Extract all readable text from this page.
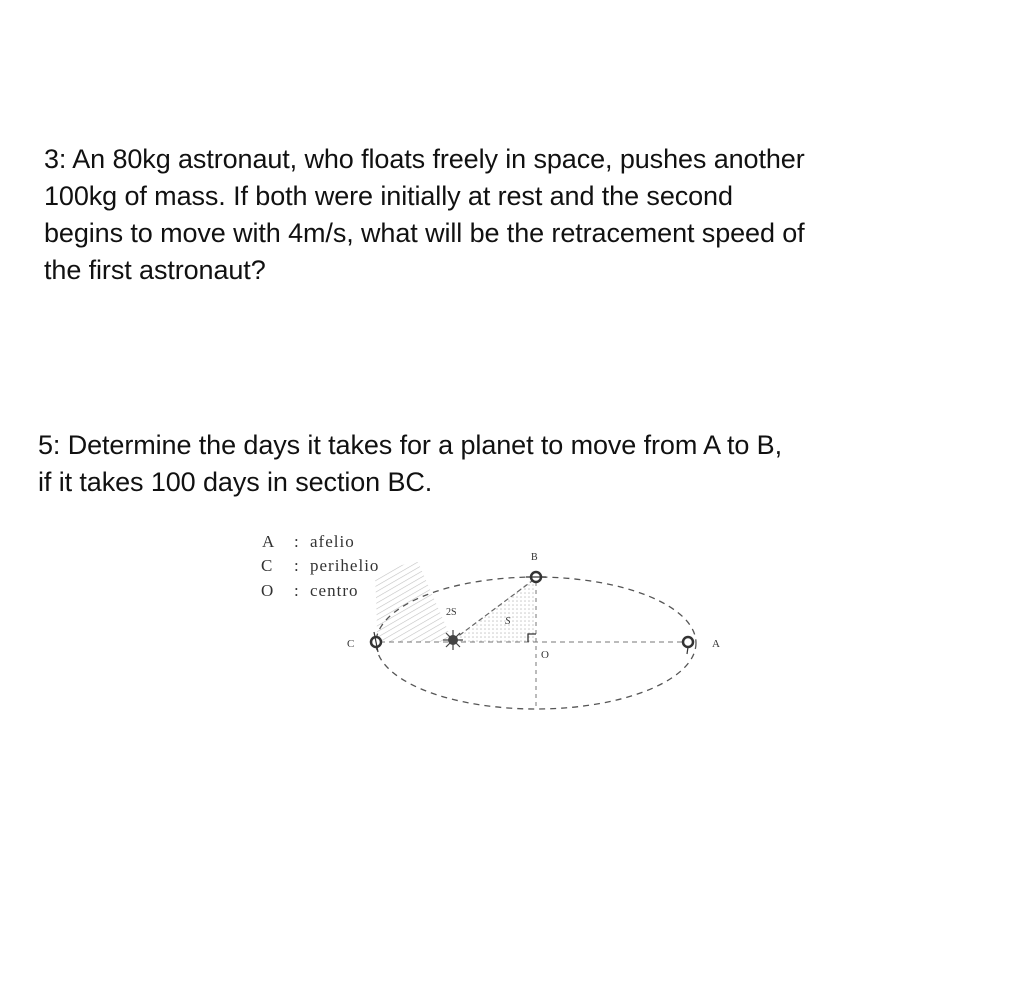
3: An 80kg astronaut, who floats freely in space, pushes another
100kg of mass. If both were initially at rest and the second
begins to move with 4m/s, what will be the retracement speed of
the first astronaut?
5: Determine the days it takes for a planet to move from A to B,
if it takes 100 days in section BC.
A : afelio
C : perihelio
O : centro
B
C	A
O
2S
S
